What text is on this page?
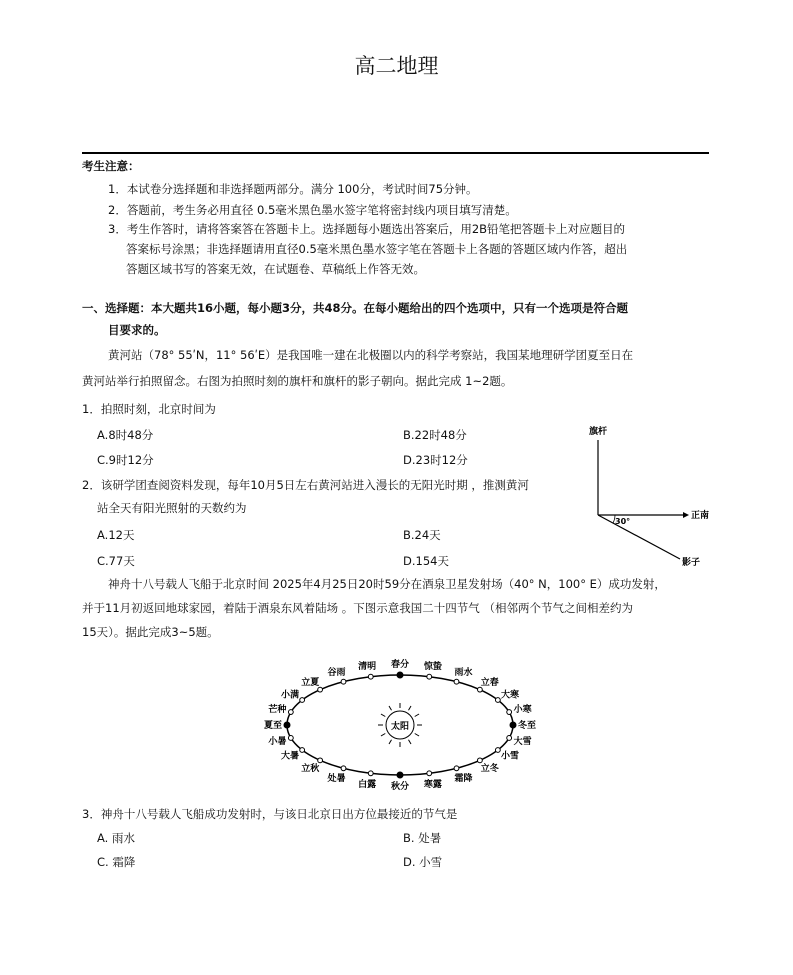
高二地理
考生注意：
1．本试卷分选择题和非选择题两部分。满分 100分，考试时间75分钟。
2．答题前，考生务必用直径 0.5毫米黑色墨水签字笔将密封线内项目填写清楚。
3．考生作答时，请将答案答在答题卡上。选择题每小题选出答案后，用2B铅笔把答题卡上对应题目的
答案标号涂黑；非选择题请用直径0.5毫米黑色墨水签字笔在答题卡上各题的答题区域内作答，超出
答题区域书写的答案无效，在试题卷、草稿纸上作答无效。
一、选择题：本大题共16小题，每小题3分，共48分。在每小题给出的四个选项中，只有一个选项是符合题
目要求的。
黄河站（78° 55ʹN，11° 56ʹE）是我国唯一建在北极圈以内的科学考察站，我国某地理研学团夏至日在
黄河站举行拍照留念。右图为拍照时刻的旗杆和旗杆的影子朝向。据此完成 1~2题。
1．拍照时刻，北京时间为
A.8时48分	B.22时48分
C.9时12分	D.23时12分
2．该研学团查阅资料发现，每年10月5日左右黄河站进入漫长的无阳光时期 ，推测黄河
站全天有阳光照射的天数约为
A.12天	B.24天
C.77天	D.154天
旗杆
正南
影子
30°
神舟十八号载人飞船于北京时间 2025年4月25日20时59分在酒泉卫星发射场（40° N，100° E）成功发射，
并于11月初返回地球家园，着陆于酒泉东风着陆场 。下图示意我国二十四节气 （相邻两个节气之间相差约为
15天）。据此完成3~5题。
春分 惊蛰
雨水
立春
大寒
小寒
冬至
大雪
小雪
立冬
霜降
寒露
秋分
白露
处暑
立秋
大暑
小暑
夏至
芒种
小满
立夏
谷雨
清明
太阳
3．神舟十八号载人飞船成功发射时，与该日北京日出方位最接近的节气是
A. 雨水	B. 处暑
C. 霜降	D. 小雪
